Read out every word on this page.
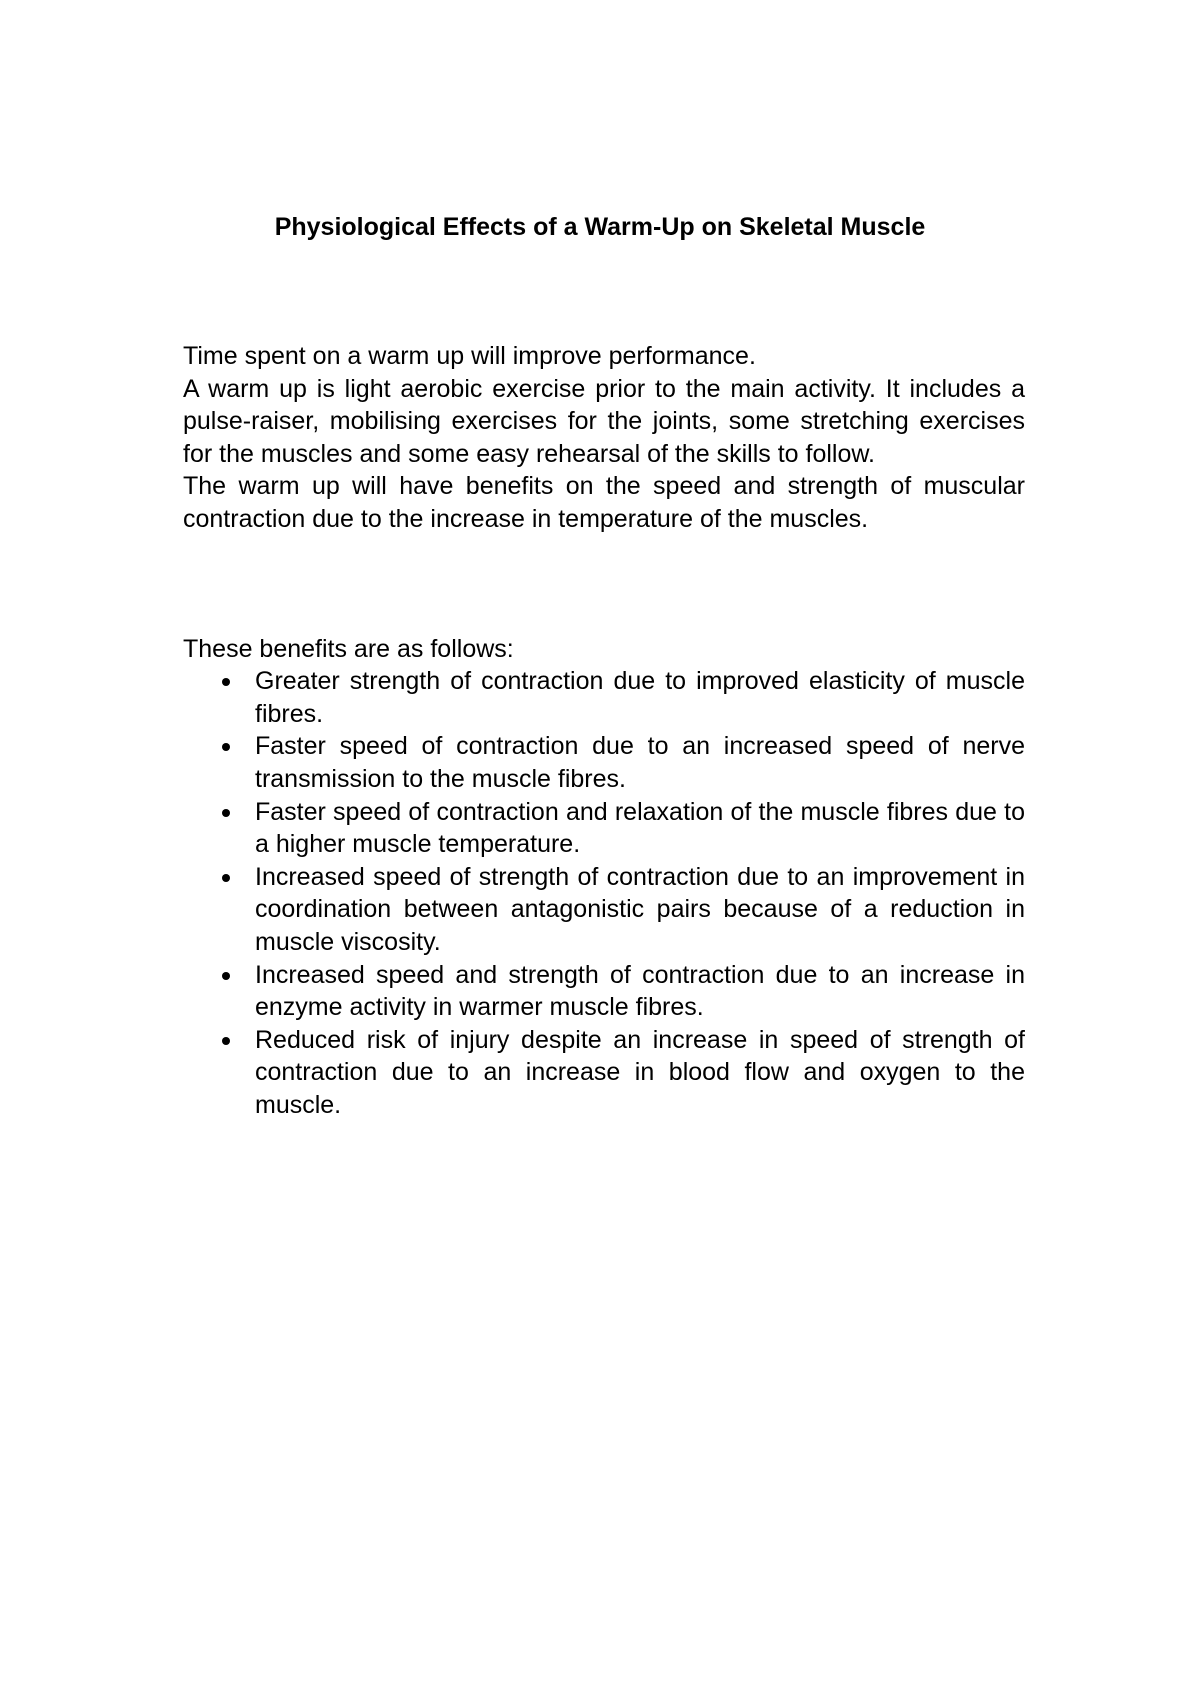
Physiological Effects of a Warm-Up on Skeletal Muscle

Time spent on a warm up will improve performance.

A warm up is light aerobic exercise prior to the main activity. It includes a pulse-raiser, mobilising exercises for the joints, some stretching exercises for the muscles and some easy rehearsal of the skills to follow.

The warm up will have benefits on the speed and strength of muscular contraction due to the increase in temperature of the muscles.

These benefits are as follows:

Greater strength of contraction due to improved elasticity of muscle fibres.
Faster speed of contraction due to an increased speed of nerve transmission to the muscle fibres.
Faster speed of contraction and relaxation of the muscle fibres due to a higher muscle temperature.
Increased speed of strength of contraction due to an improvement in coordination between antagonistic pairs because of a reduction in muscle viscosity.
Increased speed and strength of contraction due to an increase in enzyme activity in warmer muscle fibres.
Reduced risk of injury despite an increase in speed of strength of contraction due to an increase in blood flow and oxygen to the muscle.
